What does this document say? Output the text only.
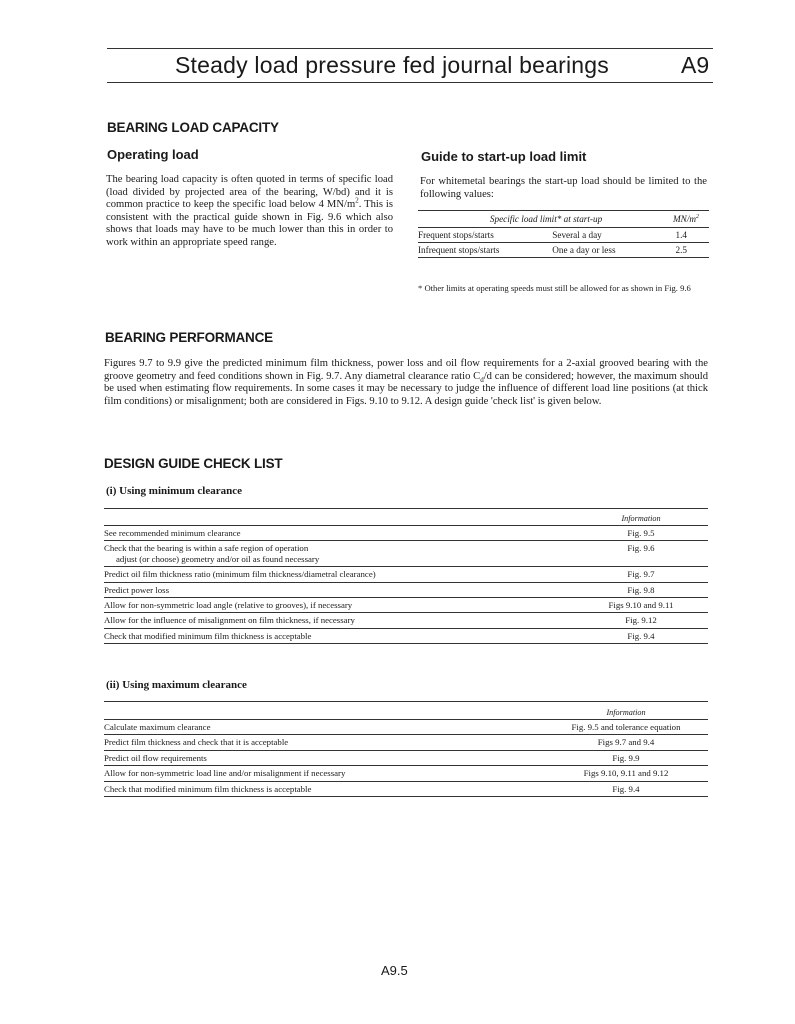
Steady load pressure fed journal bearings	A9
BEARING LOAD CAPACITY
Operating load

The bearing load capacity is often quoted in terms of specific load (load divided by projected area of the bearing, W/bd) and it is common practice to keep the specific load below 4 $MN/m^2$. This is consistent with the practical guide shown in Fig. 9.6 which also shows that loads may have to be much lower than this in order to work within an appropriate speed range.

Guide to start-up load limit

For whitemetal bearings the start-up load should be limited to the following values:

Specific load limit* at start-up		$MN/m^2$
Frequent stops/starts	Several a day	1.4
Infrequent stops/starts	One a day or less	2.5

* Other limits at operating speeds must still be allowed for as shown in Fig. 9.6

BEARING PERFORMANCE

Figures 9.7 to 9.9 give the predicted minimum film thickness, power loss and oil flow requirements for a 2-axial grooved bearing with the groove geometry and feed conditions shown in Fig. 9.7. Any diametral clearance ratio $C_d/d$ can be considered; however, the maximum should be used when estimating flow requirements. In some cases it may be necessary to judge the influence of different load line positions (at thick film conditions) or misalignment; both are considered in Figs. 9.10 to 9.12. A design guide 'check list' is given below.

DESIGN GUIDE CHECK LIST
(i) Using minimum clearance
	Information
See recommended minimum clearance	Fig. 9.5

Check that the bearing is within a safe region of operation
adjust (or choose) geometry and/or oil as found necessary	Fig. 9.6
Predict oil film thickness ratio (minimum film thickness/diametral clearance)	Fig. 9.7
Predict power loss	Fig. 9.8
Allow for non-symmetric load angle (relative to grooves), if necessary	Figs 9.10 and 9.11
Allow for the influence of misalignment on film thickness, if necessary	Fig. 9.12
Check that modified minimum film thickness is acceptable	Fig. 9.4
(ii) Using maximum clearance
	Information
Calculate maximum clearance	Fig. 9.5 and tolerance equation
Predict film thickness and check that it is acceptable	Figs 9.7 and 9.4
Predict oil flow requirements	Fig. 9.9
Allow for non-symmetric load line and/or misalignment if necessary	Figs 9.10, 9.11 and 9.12
Check that modified minimum film thickness is acceptable	Fig. 9.4
A9.5
